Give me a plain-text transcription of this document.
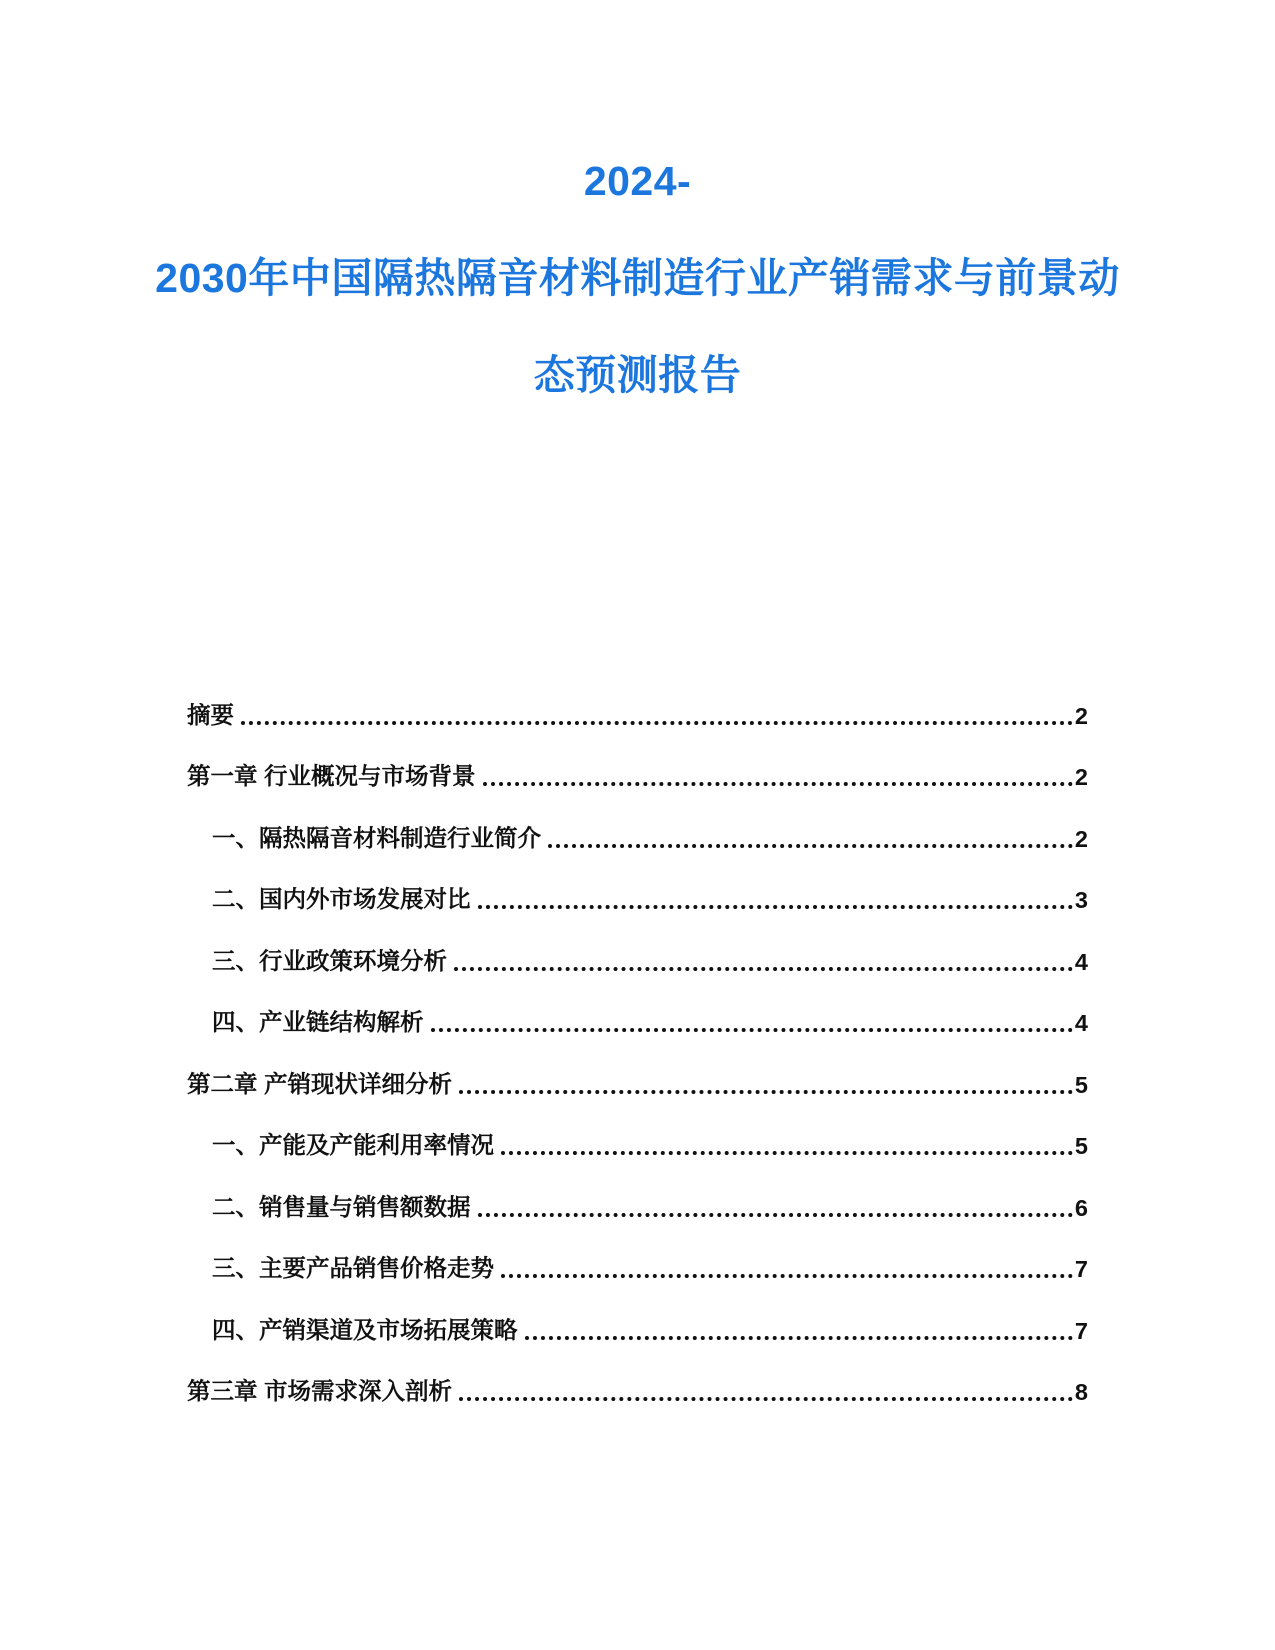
2024-
2030年中国隔热隔音材料制造行业产销需求与前景动
态预测报告
摘要	2
第一章 行业概况与市场背景	2
一、隔热隔音材料制造行业简介	2
二、国内外市场发展对比	3
三、行业政策环境分析	4
四、产业链结构解析	4
第二章 产销现状详细分析	5
一、产能及产能利用率情况	5
二、销售量与销售额数据	6
三、主要产品销售价格走势	7
四、产销渠道及市场拓展策略	7
第三章 市场需求深入剖析	8
